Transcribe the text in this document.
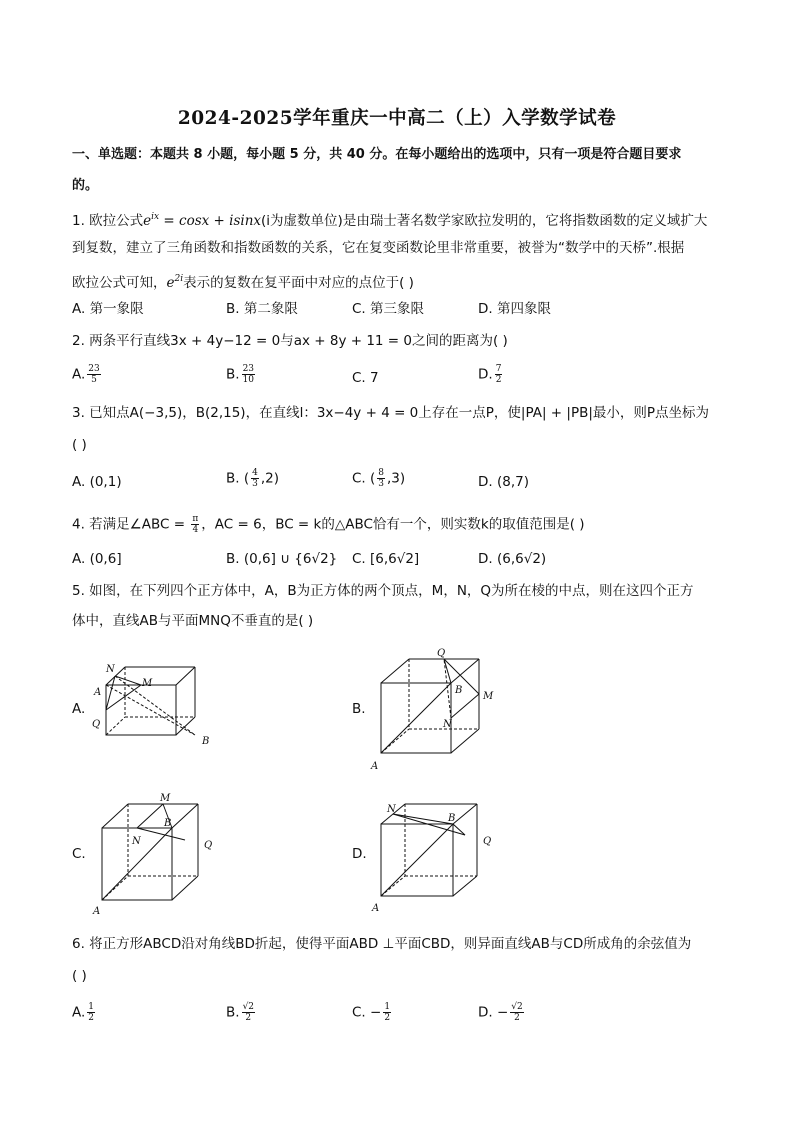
2024-2025学年重庆一中高二（上）入学数学试卷
一、单选题：本题共 8 小题，每小题 5 分，共 40 分。在每小题给出的选项中，只有一项是符合题目要求
的。
1. 欧拉公式$e^{ix} = \cos x + isinx(i$为虚数单位)是由瑞士著名数学家欧拉发明的，它将指数函数的定义域扩大
到复数，建立了三角函数和指数函数的关系，它在复变函数论里非常重要，被誉为“数学中的天桥”.根据
欧拉公式可知，$e^{2i}$表示的复数在复平面中对应的点位于( )
A. 第一象限	B. 第二象限	C. 第三象限	D. 第四象限
2. 两条平行直线3x + 4y−12 = 0与ax + 8y + 11 = 0之间的距离为( )
A. $\frac{23}{5}$	B. $\frac{23}{10}$	C. 7	D. $\frac{7}{2}$
3. 已知点A(−3,5)，B(2,15)，在直线l：3x−4y + 4 = 0上存在一点P，使|PA| + |PB|最小，则P点坐标为
( )
A. (0,1)	B. ( $\frac{4}{3} ,2$)	C. ( $\frac{8}{3} ,3$)	D. (8,7)
4. 若满足∠ABC = $\frac{\pi}{4}$ ，AC = 6，BC = k的△ABC恰有一个，则实数k的取值范围是( )
A. (0,6]	B. (0,6] ∪ {6√2} C. [6,6√2]	D. (6,6√2)
5. 如图，在下列四个正方体中，A，B为正方体的两个顶点，M，N，Q为所在棱的中点，则在这四个正方
体中，直线AB与平面MNQ不垂直的是( )
A.
N
A
M
Q
B
B.
Q
B
M
N
A
C.
M
B
N	Q
A
D.
N
B
Q
A
6. 将正方形ABCD沿对角线BD折起，使得平面ABD ⊥平面CBD，则异面直线AB与CD所成角的余弦值为
( )
A. $\frac{1}{2}$	B. $\frac{√2}{2}$	C. − $\frac{1}{2}$	D. − $\frac{√2}{2}$
